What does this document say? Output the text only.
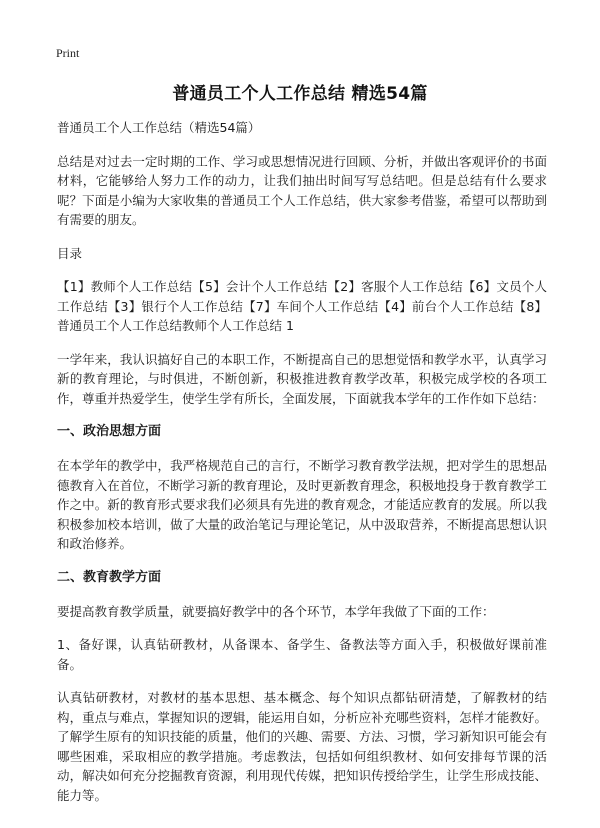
Print
普通员工个人工作总结 精选54篇

普通员工个人工作总结（精选54篇）

总结是对过去一定时期的工作、学习或思想情况进行回顾、分析，并做出客观评价的书面材料，它能够给人努力工作的动力，让我们抽出时间写写总结吧。但是总结有什么要求呢？下面是小编为大家收集的普通员工个人工作总结，供大家参考借鉴，希望可以帮助到有需要的朋友。

目录

【1】教师个人工作总结【5】会计个人工作总结【2】客服个人工作总结【6】文员个人工作总结【3】银行个人工作总结【7】车间个人工作总结【4】前台个人工作总结【8】普通员工个人工作总结教师个人工作总结 1

一学年来，我认识搞好自己的本职工作，不断提高自己的思想觉悟和教学水平，认真学习新的教育理论，与时俱进，不断创新，积极推进教育教学改革，积极完成学校的各项工作，尊重并热爱学生，使学生学有所长，全面发展，下面就我本学年的工作作如下总结：

一、政治思想方面

在本学年的教学中，我严格规范自己的言行，不断学习教育教学法规，把对学生的思想品德教育入在首位，不断学习新的教育理论，及时更新教育理念，积极地投身于教育教学工作之中。新的教育形式要求我们必须具有先进的教育观念，才能适应教育的发展。所以我积极参加校本培训，做了大量的政治笔记与理论笔记，从中汲取营养，不断提高思想认识和政治修养。

二、教育教学方面

要提高教育教学质量，就要搞好教学中的各个环节，本学年我做了下面的工作：

1、备好课，认真钻研教材，从备课本、备学生、备教法等方面入手，积极做好课前准备。

认真钻研教材，对教材的基本思想、基本概念、每个知识点都钻研清楚，了解教材的结构，重点与难点，掌握知识的逻辑，能运用自如，分析应补充哪些资料，怎样才能教好。了解学生原有的知识技能的质量，他们的兴趣、需要、方法、习惯，学习新知识可能会有哪些困难，采取相应的教学措施。考虑教法，包括如何组织教材、如何安排每节课的活动，解决如何充分挖掘教育资源，利用现代传媒，把知识传授给学生，让学生形成技能、能力等。
